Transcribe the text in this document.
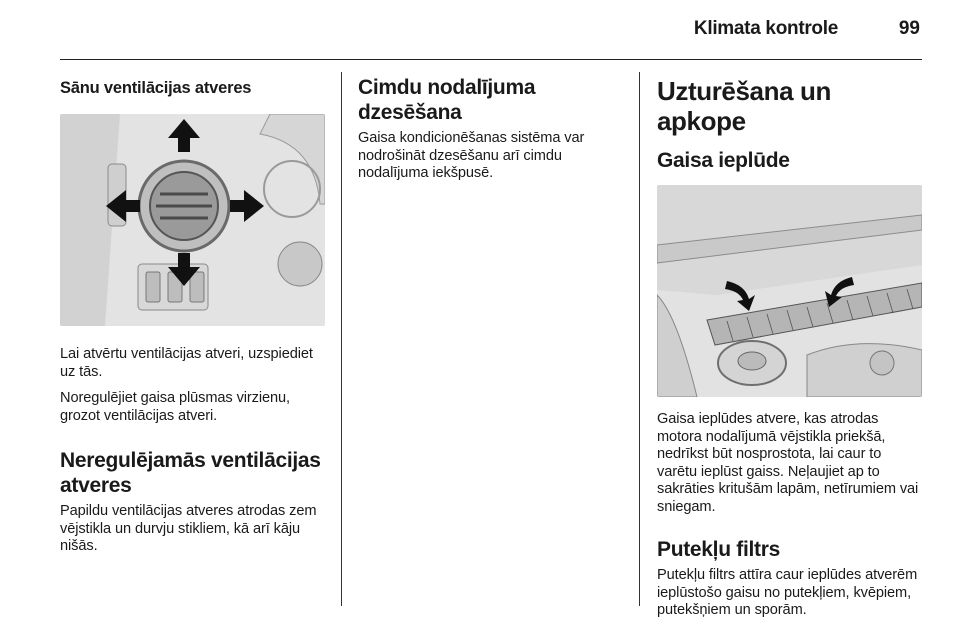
Klimata kontrole	99
Sānu ventilācijas atveres

Lai atvērtu ventilācijas atveri, uzspiediet uz tās.

Noregulējiet gaisa plūsmas virzienu, grozot ventilācijas atveri.

Neregulējamās ventilācijas atveres

Papildu ventilācijas atveres atrodas zem vējstikla un durvju stikliem, kā arī kāju nišās.

Cimdu nodalījuma dzesēšana

Gaisa kondicionēšanas sistēma var nodrošināt dzesēšanu arī cimdu nodalījuma iekšpusē.

Uzturēšana un apkope
Gaisa ieplūde

Gaisa ieplūdes atvere, kas atrodas motora nodalījumā vējstikla priekšā, nedrīkst būt nosprostota, lai caur to varētu ieplūst gaiss. Neļaujiet ap to sakrāties kritušām lapām, netīrumiem vai sniegam.

Putekļu filtrs

Putekļu filtrs attīra caur ieplūdes atverēm ieplūstošo gaisu no putekļiem, kvēpiem, putekšņiem un sporām.
